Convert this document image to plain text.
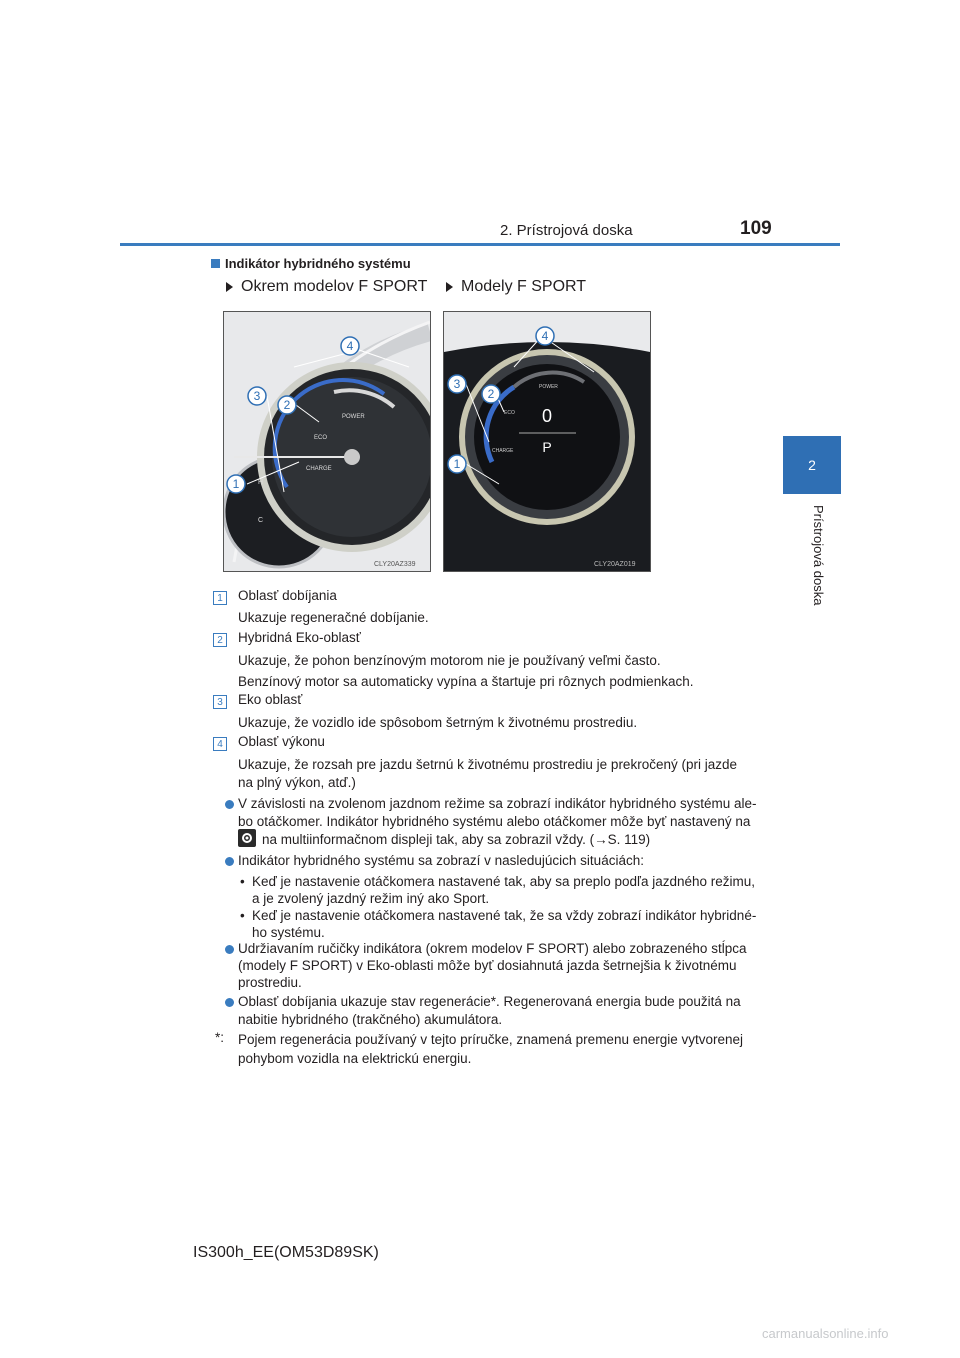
2. Prístrojová doska	109
2
Prístrojová doska
Indikátor hybridného systému
Okrem modelov F SPORT Modely F SPORT
POWER
ECO
CHARGE
H
C
1
2
3
4
CLY20AZ339
0
P
POWER
ECO
CHARGE
1
2
3
4
CLY20AZ019
1	Oblasť dobíjania
Ukazuje regeneračné dobíjanie.
2	Hybridná Eko-oblasť
Ukazuje, že pohon benzínovým motorom nie je používaný veľmi často.
Benzínový motor sa automaticky vypína a štartuje pri rôznych podmienkach.
3	Eko oblasť
Ukazuje, že vozidlo ide spôsobom šetrným k životnému prostrediu.
4	Oblasť výkonu
Ukazuje, že rozsah pre jazdu šetrnú k životnému prostrediu je prekročený (pri jazde
na plný výkon, atď.)
V závislosti na zvolenom jazdnom režime sa zobrazí indikátor hybridného systému ale-
bo otáčkomer. Indikátor hybridného systému alebo otáčkomer môže byť nastavený na
na multiinformačnom displeji tak, aby sa zobrazil vždy. (→S. 119)
Indikátor hybridného systému sa zobrazí v nasledujúcich situáciách:
• Keď je nastavenie otáčkomera nastavené tak, aby sa preplo podľa jazdného režimu,
a je zvolený jazdný režim iný ako Sport.
• Keď je nastavenie otáčkomera nastavené tak, že sa vždy zobrazí indikátor hybridné-
ho systému.
Udržiavaním ručičky indikátora (okrem modelov F SPORT) alebo zobrazeného stĺpca
(modely F SPORT) v Eko-oblasti môže byť dosiahnutá jazda šetrnejšia k životnému
prostrediu.
Oblasť dobíjania ukazuje stav regenerácie*. Regenerovaná energia bude použitá na
nabitie hybridného (trakčného) akumulátora.
*: Pojem regenerácia používaný v tejto príručke, znamená premenu energie vytvorenej
pohybom vozidla na elektrickú energiu.
IS300h_EE(OM53D89SK)
carmanualsonline.info
